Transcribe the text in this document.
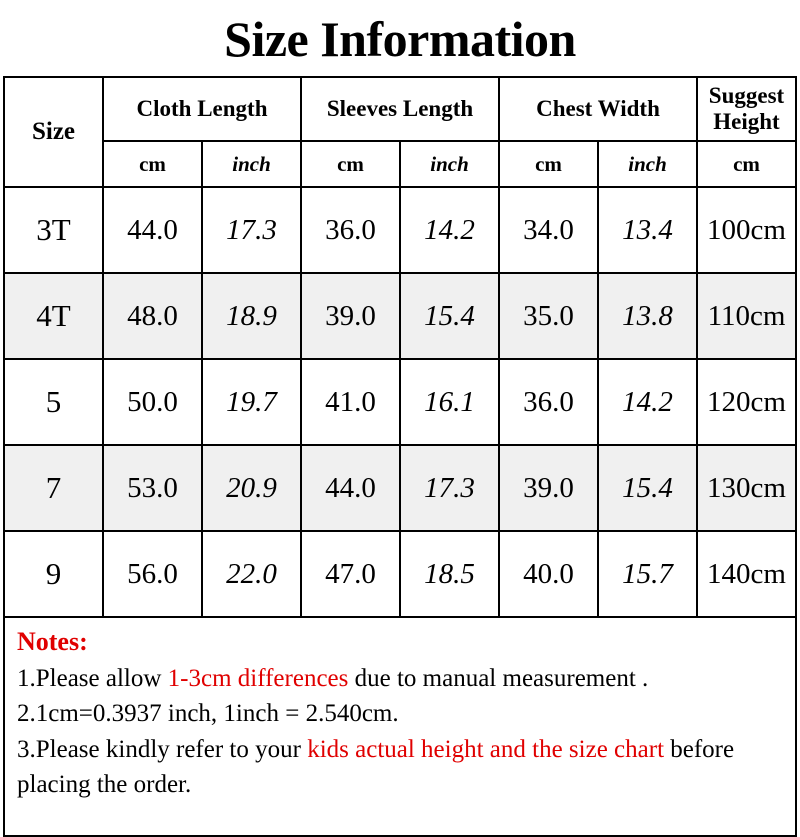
Size Information
Size	Cloth Length		Sleeves Length		Chest Width		Suggest Height
	cm	inch	cm	inch	cm	inch	cm
3T	44.0	17.3	36.0	14.2	34.0	13.4	100cm
4T	48.0	18.9	39.0	15.4	35.0	13.8	110cm
5	50.0	19.7	41.0	16.1	36.0	14.2	120cm
7	53.0	20.9	44.0	17.3	39.0	15.4	130cm
9	56.0	22.0	47.0	18.5	40.0	15.7	140cm
Notes:
1.Please allow 1-3cm differences due to manual measurement .
2.1cm=0.3937 inch, 1inch = 2.540cm.
3.Please kindly refer to your kids actual height and the size chart before placing the order.
